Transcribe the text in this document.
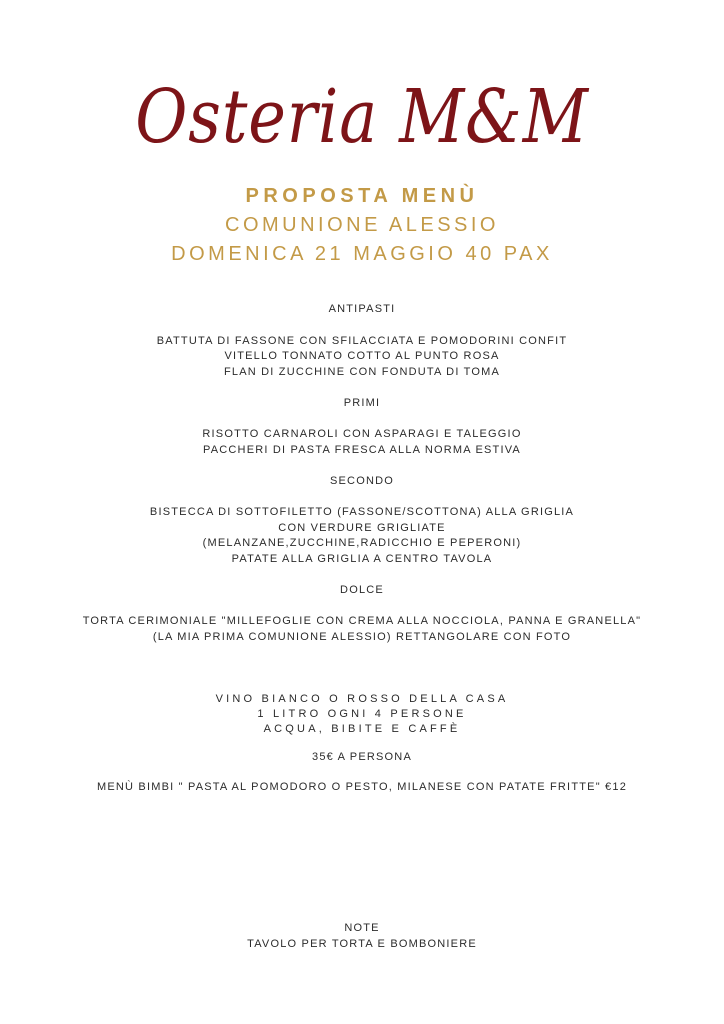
Osteria M&M
PROPOSTA MENÙ
COMUNIONE ALESSIO
DOMENICA 21 MAGGIO 40 PAX
ANTIPASTI
BATTUTA DI FASSONE CON SFILACCIATA E POMODORINI CONFIT
VITELLO TONNATO COTTO AL PUNTO ROSA
FLAN DI ZUCCHINE CON FONDUTA DI TOMA
PRIMI
RISOTTO CARNAROLI CON ASPARAGI E TALEGGIO
PACCHERI DI PASTA FRESCA ALLA NORMA ESTIVA
SECONDO
BISTECCA DI SOTTOFILETTO (FASSONE/SCOTTONA) ALLA GRIGLIA
CON VERDURE GRIGLIATE
(MELANZANE,ZUCCHINE,RADICCHIO E PEPERONI)
PATATE ALLA GRIGLIA A CENTRO TAVOLA
DOLCE
TORTA CERIMONIALE "MILLEFOGLIE CON CREMA ALLA NOCCIOLA, PANNA E GRANELLA"
(LA MIA PRIMA COMUNIONE ALESSIO) RETTANGOLARE CON FOTO
VINO BIANCO O ROSSO DELLA CASA
1 LITRO OGNI 4 PERSONE
ACQUA, BIBITE E CAFFÈ
35€ A PERSONA
MENÙ BIMBI " PASTA AL POMODORO O PESTO, MILANESE CON PATATE FRITTE" €12
NOTE
TAVOLO PER TORTA E BOMBONIERE
